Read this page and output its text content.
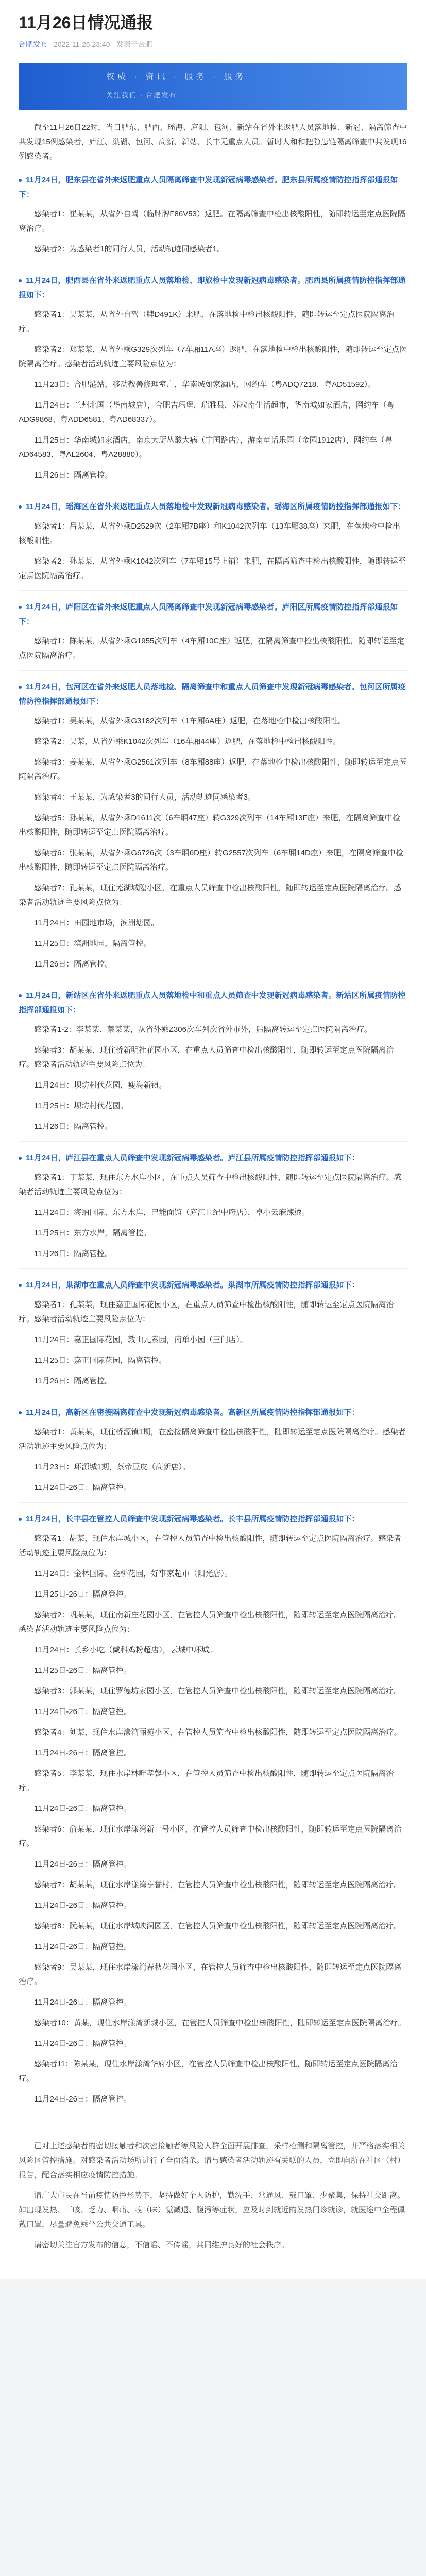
11月26日情况通报
合肥发布 2022-11-26 23:40 发表于合肥
权威 · 资讯 · 服务 · 服务
关注我们 · 合肥发布

截至11月26日22时，当日肥东、肥西、瑶海、庐阳、包河、新站在省外来返肥人员落地检、新冠、隔离筛查中共发现15例感染者，庐江、巢湖、包河、高新、新站、长丰无重点人员。暂时人和和把隐患链隔离筛查中共发现16例感染者。

11月24日，肥东县在省外来返肥重点人员隔离筛查中发现新冠病毒感染者。肥东县所属疫情防控指挥部通报如下：

感染者1：崔某某，从省外自驾（临牌牌F86V53）返肥。在隔离筛查中检出核酸阳性，随即转运至定点医院隔离治疗。

感染者2：为感染者1的同行人员，活动轨迹同感染者1。

11月24日，肥西县在省外来返肥重点人员落地检、即旅检中发现新冠病毒感染者。肥西县所属疫情防控指挥部通报如下：

感染者1：吴某某，从省外自驾（牌D491K）来肥，在落地检中检出核酸阳性，随即转运至定点医院隔离治疗。

感染者2：郑某某，从省外乘G329次列车（7车厢11A座）返肥，在落地检中检出核酸阳性，随即转运至定点医院隔离治疗。感染者活动轨迹主要风险点位为：

11月23日：合肥港站，移动鞍善修理室户，华南城如家酒店，网约车（粤ADQ7218、粤AD51592）。

11月24日：兰州北国（华南城店），合肥吉玛堡，瑞雅县，苏粒南生活超市，华南城如家酒店，网约车（粤ADG9868、粤ADD6581、粤AD68337）。

11月25日：华南城如家酒店，南京大厨丛酸大病（宁国路店），游南童话乐园（金园1912店），网约车（粤AD64583、粤AL2604、粤A28880）。

11月26日：隔离管控。

11月24日，瑶海区在省外来返肥重点人员落地检中发现新冠病毒感染者。瑶海区所属疫情防控指挥部通报如下：

感染者1：吕某某，从省外乘D2529次（2车厢7B座）和K1042次列车（13车厢38座）来肥，在落地检中检出核酸阳性。

感染者2：孙某某，从省外乘K1042次列车（7车厢15号上铺）来肥，在隔离筛查中检出核酸阳性，随即转运至定点医院隔离治疗。

11月24日，庐阳区在省外来返肥重点人员隔离筛查中发现新冠病毒感染者。庐阳区所属疫情防控指挥部通报如下：

感染者1：陈某某，从省外乘G1955次列车（4车厢10C座）返肥，在隔离筛查中检出核酸阳性，随即转运至定点医院隔离治疗。

11月24日，包河区在省外来返肥人员落地检、隔离筛查中和重点人员筛查中发现新冠病毒感染者。包河区所属疫情防控指挥部通报如下：

感染者1：吴某某，从省外乘G3182次列车（1车厢6A座）返肥，在落地检中检出核酸阳性。

感染者2：吴某，从省外乘K1042次列车（16车厢44座）返肥，在落地检中检出核酸阳性。

感染者3：姜某某，从省外乘G2561次列车（8车厢88座）返肥，在落地检中检出核酸阳性，随即转运至定点医院隔离治疗。

感染者4：王某某，为感染者3的同行人员，活动轨迹同感染者3。

感染者5：孙某某，从省外乘D1611次（6车厢47座）转G329次列车（14车厢13F座）来肥，在隔离筛查中检出核酸阳性，随即转运至定点医院隔离治疗。

感染者6：张某某，从省外乘G6726次（3车厢6D座）转G2557次列车（6车厢14D座）来肥，在隔离筛查中检出核酸阳性，随即转运至定点医院隔离治疗。

感染者7：孔某某，现住芜湖城隍小区，在重点人员筛查中检出核酸阳性，随即转运至定点医院隔离治疗。感染者活动轨迹主要风险点位为：

11月24日：田园地市场，滨洲塘园。

11月25日：滨洲地园，隔离管控。

11月26日：隔离管控。

11月24日，新站区在省外来返肥重点人员落地检中和重点人员筛查中发现新冠病毒感染者。新站区所属疫情防控指挥部通报如下：

感染者1-2：李某某、蔡某某，从省外乘Z306次车列次省外市外，后隔离转运至定点医院隔离治疗。

感染者3：胡某某，现住桥新明社花园小区，在重点人员筛查中检出核酸阳性，随即转运至定点医院隔离治疗。感染者活动轨迹主要风险点位为：

11月24日：坝坊村代花园，瘦海新镇。

11月25日：坝坊村代花园。

11月26日：隔离管控。

11月24日，庐江县在重点人员筛查中发现新冠病毒感染者。庐江县所属疫情防控指挥部通报如下：

感染者1：丁某某，现住东方水岸小区，在重点人员筛查中检出核酸阳性，随即转运至定点医院隔离治疗。感染者活动轨迹主要风险点位为：

11月24日：海纳国际、东方水岸，巴能面馆（庐江世纪中府店），卓小云麻辣烫。

11月25日：东方水岸，隔离管控。

11月26日：隔离管控。

11月24日，巢湖市在重点人员筛查中发现新冠病毒感染者。巢湖市所属疫情防控指挥部通报如下：

感染者1：孔某某，现住嘉正国际花园小区，在重点人员筛查中检出核酸阳性，随即转运至定点医院隔离治疗。感染者活动轨迹主要风险点位为：

11月24日：嘉正国际花园，敦山元素园，南单小园（三门店）。

11月25日：嘉正国际花园，隔离管控。

11月26日：隔离管控。

11月24日，高新区在密接隔离筛查中发现新冠病毒感染者。高新区所属疫情防控指挥部通报如下：

感染者1：黄某某，现住桥源镇1期，在密接隔离筛查中检出核酸阳性，随即转运至定点医院隔离治疗。感染者活动轨迹主要风险点位为：

11月23日：环源城1期，蔡帝豆皮（高新店）。

11月24日-26日：隔离管控。

11月24日，长丰县在管控人员筛查中发现新冠病毒感染者。长丰县所属疫情防控指挥部通报如下：

感染者1：胡某，现住水岸城小区，在管控人员筛查中检出核酸阳性，随即转运至定点医院隔离治疗。感染者活动轨迹主要风险点位为：

11月24日：金林国际，金桥花园，好事家超市（阳光店）。

11月25日-26日：隔离管控。

感染者2：巩某某，现住南新庄花园小区，在管控人员筛查中检出核酸阳性，随即转运至定点医院隔离治疗。感染者活动轨迹主要风险点位为：

11月24日：长乡小吃（戴科鸡粉超店），云城中环城。

11月25日-26日：隔离管控。

感染者3：郭某某，现住罗德坊家园小区，在管控人员筛查中检出核酸阳性，随即转运至定点医院隔离治疗。

11月24日-26日：隔离管控。

感染者4：刘某，现住水岸漾湾丽苑小区，在管控人员筛查中检出核酸阳性，随即转运至定点医院隔离治疗。

11月24日-26日：隔离管控。

感染者5：李某某，现住水岸林畔孝馨小区，在管控人员筛查中检出核酸阳性，随即转运至定点医院隔离治疗。

11月24日-26日：隔离管控。

感染者6：俞某某，现住水岸漾湾新一号小区，在管控人员筛查中检出核酸阳性，随即转运至定点医院隔离治疗。

11月24日-26日：隔离管控。

感染者7：胡某某，现住水岸漾湾享誉村，在管控人员筛查中检出核酸阳性，随即转运至定点医院隔离治疗。

11月24日-26日：隔离管控。

感染者8：阮某某，现住水岸城映澜园区，在管控人员筛查中检出核酸阳性，随即转运至定点医院隔离治疗。

11月24日-26日：隔离管控。

感染者9：吴某某，现住水岸漾湾春秋花园小区，在管控人员筛查中检出核酸阳性，随即转运至定点医院隔离治疗。

11月24日-26日：隔离管控。

感染者10：黄某，现住水岸漾湾新城小区，在管控人员筛查中检出核酸阳性，随即转运至定点医院隔离治疗。

11月24日-26日：隔离管控。

感染者11：陈某某，现住水岸漾湾华府小区，在管控人员筛查中检出核酸阳性，随即转运至定点医院隔离治疗。

11月24日-26日：隔离管控。

已对上述感染者的密切接触者和次密接触者等风险人群全面开展排查，采样检测和隔离管控，并严格落实相关风险区管控措施。对感染者活动场所进行了全面消杀。请与感染者活动轨迹有关联的人员，立即向所在社区（村）报告，配合落实相应疫情防控措施。

请广大市民在当前疫情防控形势下，坚持做好个人防护，勤洗手、常通风、戴口罩、少聚集，保持社交距离。如出现发热、干咳、乏力、咽痛、嗅（味）觉减退、腹泻等症状，应及时到就近的发热门诊就诊，就医途中全程佩戴口罩，尽量避免乘坐公共交通工具。

请密切关注官方发布的信息，不信谣、不传谣，共同维护良好的社会秩序。
